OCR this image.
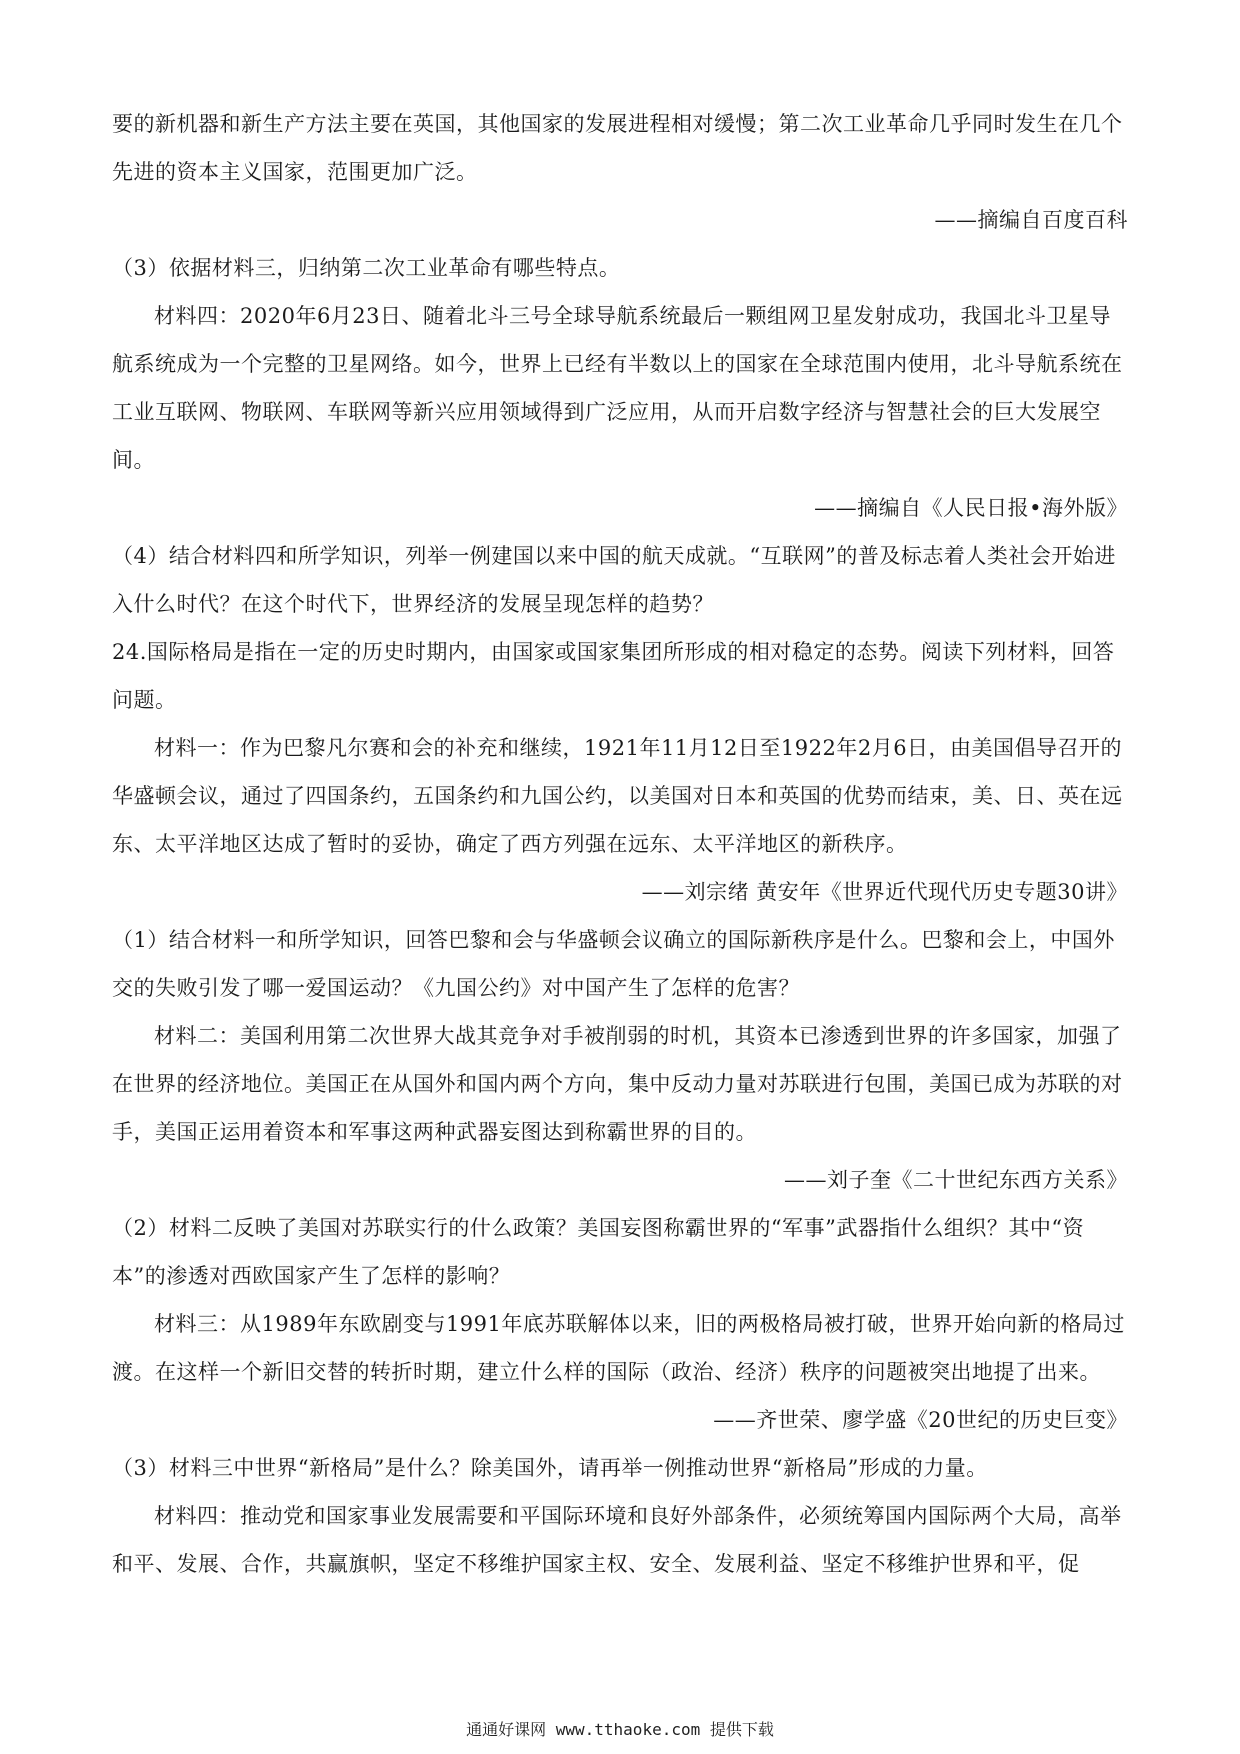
要的新机器和新生产方法主要在英国，其他国家的发展进程相对缓慢；第二次工业革命几乎同时发生在几个先进的资本主义国家，范围更加广泛。

——摘编自百度百科

（3）依据材料三，归纳第二次工业革命有哪些特点。

材料四：2020年6月23日、随着北斗三号全球导航系统最后一颗组网卫星发射成功，我国北斗卫星导航系统成为一个完整的卫星网络。如今，世界上已经有半数以上的国家在全球范围内使用，北斗导航系统在工业互联网、物联网、车联网等新兴应用领域得到广泛应用，从而开启数字经济与智慧社会的巨大发展空间。

——摘编自《人民日报•海外版》

（4）结合材料四和所学知识，列举一例建国以来中国的航天成就。“互联网”的普及标志着人类社会开始进入什么时代？在这个时代下，世界经济的发展呈现怎样的趋势？

24.国际格局是指在一定的历史时期内，由国家或国家集团所形成的相对稳定的态势。阅读下列材料，回答问题。

材料一：作为巴黎凡尔赛和会的补充和继续，1921年11月12日至1922年2月6日，由美国倡导召开的华盛顿会议，通过了四国条约，五国条约和九国公约，以美国对日本和英国的优势而结束，美、日、英在远东、太平洋地区达成了暂时的妥协，确定了西方列强在远东、太平洋地区的新秩序。

——刘宗绪 黄安年《世界近代现代历史专题30讲》

（1）结合材料一和所学知识，回答巴黎和会与华盛顿会议确立的国际新秩序是什么。巴黎和会上，中国外交的失败引发了哪一爱国运动？《九国公约》对中国产生了怎样的危害？

材料二：美国利用第二次世界大战其竞争对手被削弱的时机，其资本已渗透到世界的许多国家，加强了在世界的经济地位。美国正在从国外和国内两个方向，集中反动力量对苏联进行包围，美国已成为苏联的对手，美国正运用着资本和军事这两种武器妄图达到称霸世界的目的。

——刘子奎《二十世纪东西方关系》

（2）材料二反映了美国对苏联实行的什么政策？美国妄图称霸世界的“军事”武器指什么组织？其中“资本”的渗透对西欧国家产生了怎样的影响？

材料三：从1989年东欧剧变与1991年底苏联解体以来，旧的两极格局被打破，世界开始向新的格局过渡。在这样一个新旧交替的转折时期，建立什么样的国际（政治、经济）秩序的问题被突出地提了出来。

——齐世荣、廖学盛《20世纪的历史巨变》

（3）材料三中世界“新格局”是什么？除美国外，请再举一例推动世界“新格局”形成的力量。

材料四：推动党和国家事业发展需要和平国际环境和良好外部条件，必须统筹国内国际两个大局，高举和平、发展、合作，共赢旗帜，坚定不移维护国家主权、安全、发展利益、坚定不移维护世界和平，促

通通好课网 www.tthaoke.com 提供下载
